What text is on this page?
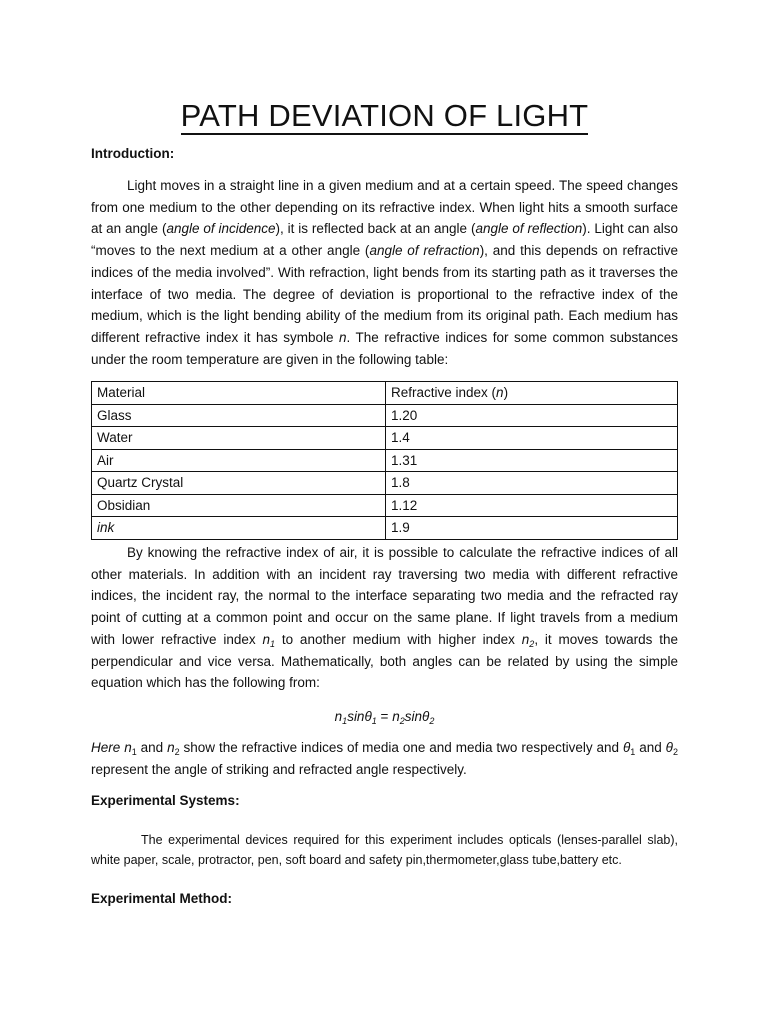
PATH DEVIATION OF LIGHT
Introduction:

Light moves in a straight line in a given medium and at a certain speed. The speed changes from one medium to the other depending on its refractive index. When light hits a smooth surface at an angle (angle of incidence), it is reflected back at an angle (angle of reflection). Light can also “moves to the next medium at a other angle (angle of refraction), and this depends on refractive indices of the media involved”. With refraction, light bends from its starting path as it traverses the interface of two media. The degree of deviation is proportional to the refractive index of the medium, which is the light bending ability of the medium from its original path. Each medium has different refractive index it has symbole n. The refractive indices for some common substances under the room temperature are given in the following table:

Material	Refractive index (n)
Glass	1.20
Water	1.4
Air	1.31
Quartz Crystal	1.8
Obsidian	1.12
ink	1.9

By knowing the refractive index of air, it is possible to calculate the refractive indices of all other materials. In addition with an incident ray traversing two media with different refractive indices, the incident ray, the normal to the interface separating two media and the refracted ray point of cutting at a common point and occur on the same plane. If light travels from a medium with lower refractive index $n_1$ to another medium with higher index $n_2$, it moves towards the perpendicular and vice versa. Mathematically, both angles can be related by using the simple equation which has the following from:

$n_1\sin\theta_1 = n_2\sin\theta_2$

Here $n_1$ and $n_2$ show the refractive indices of media one and media two respectively and $\theta_1$ and $\theta_2$ represent the angle of striking and refracted angle respectively.

Experimental Systems:

The experimental devices required for this experiment includes opticals (lenses-parallel slab), white paper, scale, protractor, pen, soft board and safety pin,thermometer,glass tube,battery etc.

Experimental Method:
